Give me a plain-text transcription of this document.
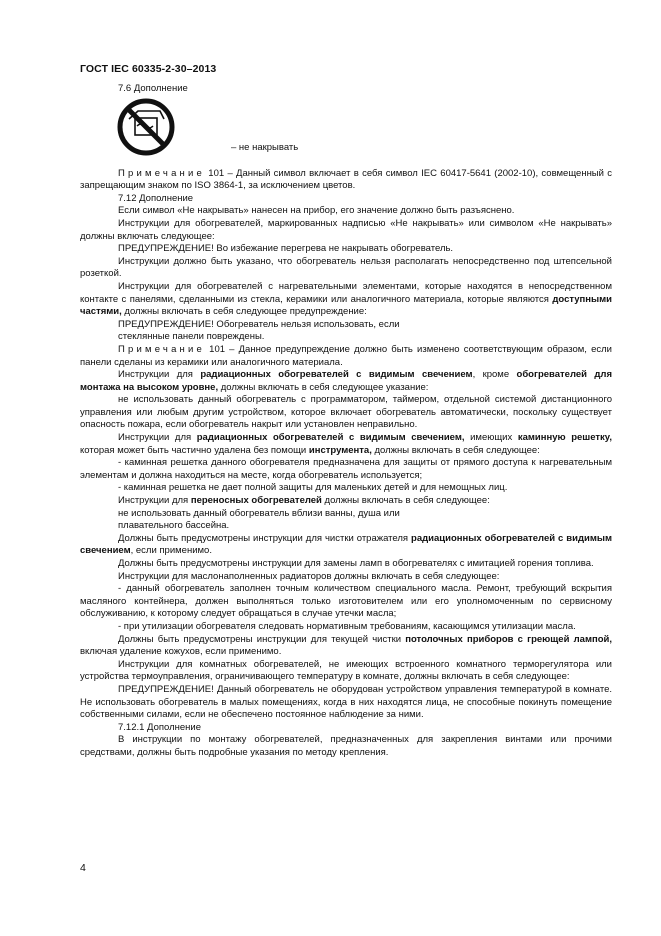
ГОСТ IEC 60335-2-30–2013
– не накрывать

7.6 Дополнение

Примечание 101 – Данный символ включает в себя символ IEC 60417-5641 (2002-10), совмещенный с запрещающим знаком по ISO 3864-1, за исключением цветов.

7.12 Дополнение

Если символ «Не накрывать» нанесен на прибор, его значение должно быть разъяснено.

Инструкции для обогревателей, маркированных надписью «Не накрывать» или символом «Не накрывать» должны включать следующее:

ПРЕДУПРЕЖДЕНИЕ! Во избежание перегрева не накрывать обогреватель.

Инструкции должно быть указано, что обогреватель нельзя располагать непосредственно под штепсельной розеткой.

Инструкции для обогревателей с нагревательными элементами, которые находятся в непосредственном контакте с панелями, сделанными из стекла, керамики или аналогичного материала, которые являются доступными частями, должны включать в себя следующее предупреждение:

ПРЕДУПРЕЖДЕНИЕ! Обогреватель нельзя использовать, если

стеклянные панели повреждены.

Примечание 101 – Данное предупреждение должно быть изменено соответствующим образом, если панели сделаны из керамики или аналогичного материала.

Инструкции для радиационных обогревателей с видимым свечением, кроме обогревателей для монтажа на высоком уровне, должны включать в себя следующее указание:

не использовать данный обогреватель с программатором, таймером, отдельной системой дистанционного управления или любым другим устройством, которое включает обогреватель автоматически, поскольку существует опасность пожара, если обогреватель накрыт или установлен неправильно.

Инструкции для радиационных обогревателей с видимым свечением, имеющих каминную решетку, которая может быть частично удалена без помощи инструмента, должны включать в себя следующее:

- каминная решетка данного обогревателя предназначена для защиты от прямого доступа к нагревательным элементам и должна находиться на месте, когда обогреватель используется;

- каминная решетка не дает полной защиты для маленьких детей и для немощных лиц.

Инструкции для переносных обогревателей должны включать в себя следующее:

не использовать данный обогреватель вблизи ванны, душа или

плавательного бассейна.

Должны быть предусмотрены инструкции для чистки отражателя радиационных обогревателей с видимым свечением, если применимо.

Должны быть предусмотрены инструкции для замены ламп в обогревателях с имитацией горения топлива.

Инструкции для маслонаполненных радиаторов должны включать в себя следующее:

- данный обогреватель заполнен точным количеством специального масла. Ремонт, требующий вскрытия масляного контейнера, должен выполняться только изготовителем или его уполномоченным по сервисному обслуживанию, к которому следует обращаться в случае утечки масла;

- при утилизации обогревателя следовать нормативным требованиям, касающимся утилизации масла.

Должны быть предусмотрены инструкции для текущей чистки потолочных приборов с греющей лампой, включая удаление кожухов, если применимо.

Инструкции для комнатных обогревателей, не имеющих встроенного комнатного терморегулятора или устройства термоуправления, ограничивающего температуру в комнате, должны включать в себя следующее:

ПРЕДУПРЕЖДЕНИЕ! Данный обогреватель не оборудован устройством управления температурой в комнате. Не использовать обогреватель в малых помещениях, когда в них находятся лица, не способные покинуть помещение собственными силами, если не обеспечено постоянное наблюдение за ними.

7.12.1 Дополнение

В инструкции по монтажу обогревателей, предназначенных для закрепления винтами или прочими средствами, должны быть подробные указания по методу крепления.

4
